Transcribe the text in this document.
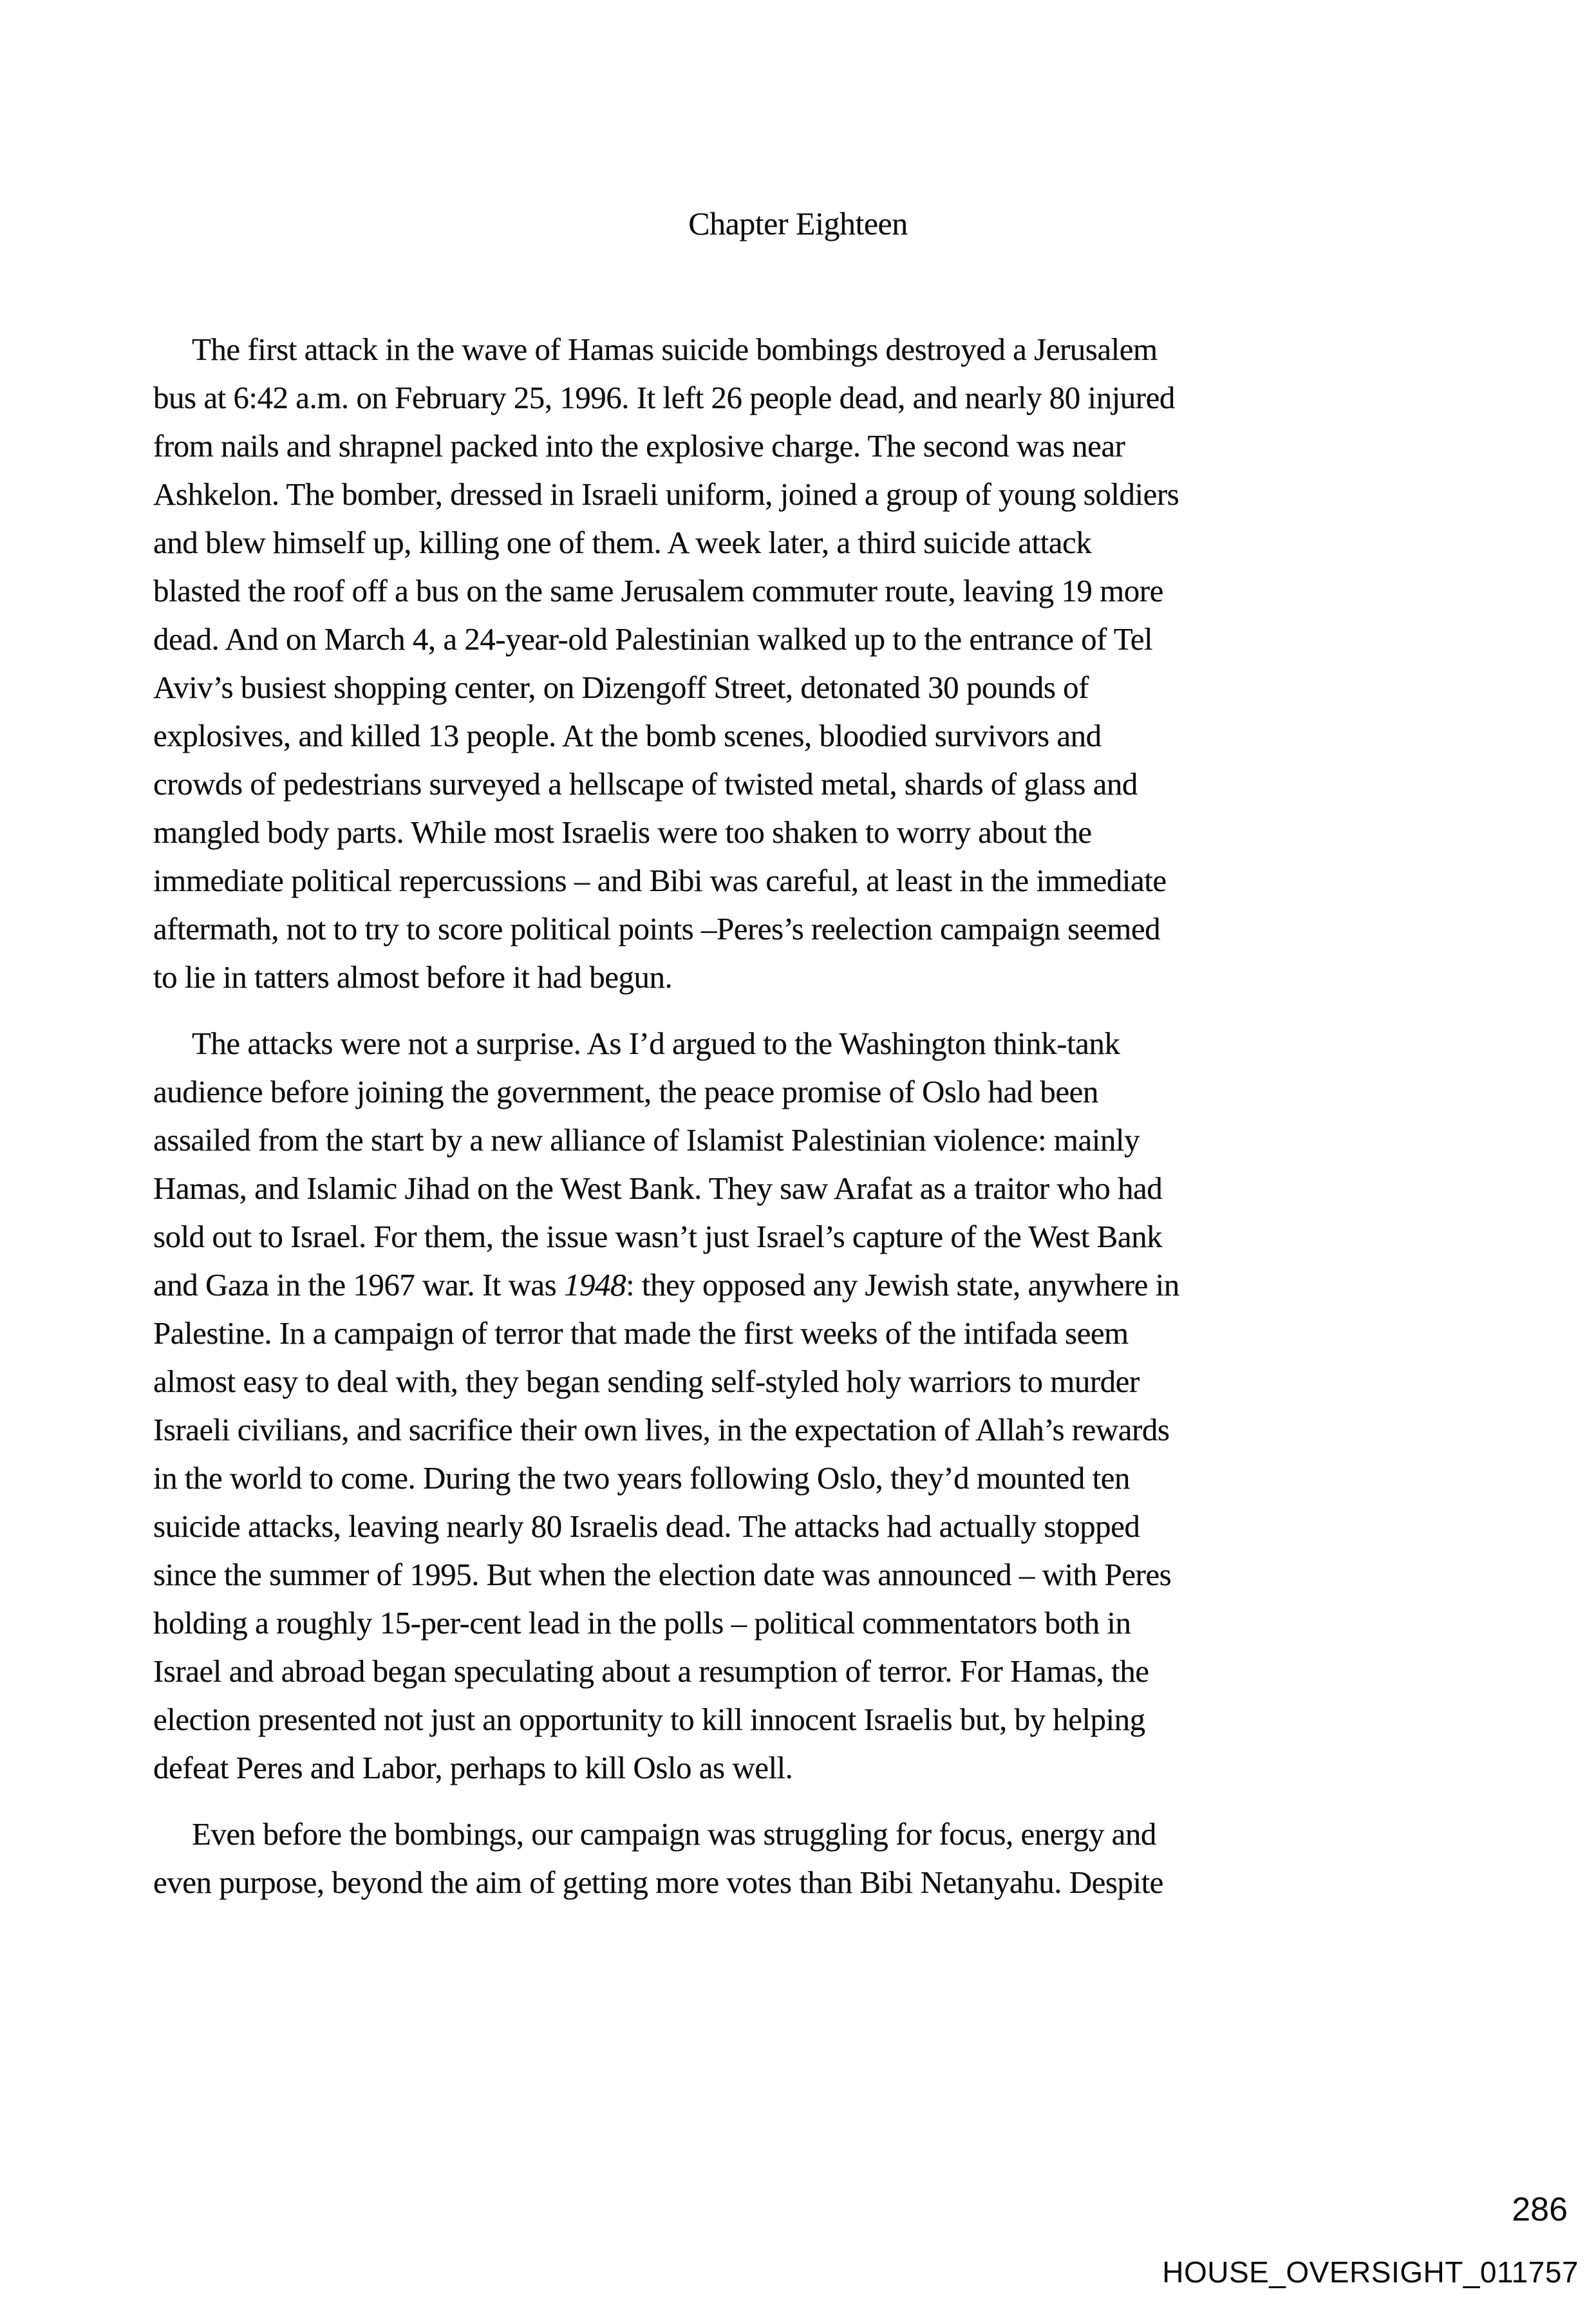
Chapter Eighteen
The first attack in the wave of Hamas suicide bombings destroyed a Jerusalem
bus at 6:42 a.m. on February 25, 1996. It left 26 people dead, and nearly 80 injured
from nails and shrapnel packed into the explosive charge. The second was near
Ashkelon. The bomber, dressed in Israeli uniform, joined a group of young soldiers
and blew himself up, killing one of them. A week later, a third suicide attack
blasted the roof off a bus on the same Jerusalem commuter route, leaving 19 more
dead. And on March 4, a 24-year-old Palestinian walked up to the entrance of Tel
Aviv’s busiest shopping center, on Dizengoff Street, detonated 30 pounds of
explosives, and killed 13 people. At the bomb scenes, bloodied survivors and
crowds of pedestrians surveyed a hellscape of twisted metal, shards of glass and
mangled body parts. While most Israelis were too shaken to worry about the
immediate political repercussions – and Bibi was careful, at least in the immediate
aftermath, not to try to score political points –Peres’s reelection campaign seemed
to lie in tatters almost before it had begun.
The attacks were not a surprise. As I’d argued to the Washington think-tank
audience before joining the government, the peace promise of Oslo had been
assailed from the start by a new alliance of Islamist Palestinian violence: mainly
Hamas, and Islamic Jihad on the West Bank. They saw Arafat as a traitor who had
sold out to Israel. For them, the issue wasn’t just Israel’s capture of the West Bank
and Gaza in the 1967 war. It was 1948: they opposed any Jewish state, anywhere in
Palestine. In a campaign of terror that made the first weeks of the intifada seem
almost easy to deal with, they began sending self-styled holy warriors to murder
Israeli civilians, and sacrifice their own lives, in the expectation of Allah’s rewards
in the world to come. During the two years following Oslo, they’d mounted ten
suicide attacks, leaving nearly 80 Israelis dead. The attacks had actually stopped
since the summer of 1995. But when the election date was announced – with Peres
holding a roughly 15-per-cent lead in the polls – political commentators both in
Israel and abroad began speculating about a resumption of terror. For Hamas, the
election presented not just an opportunity to kill innocent Israelis but, by helping
defeat Peres and Labor, perhaps to kill Oslo as well.
Even before the bombings, our campaign was struggling for focus, energy and
even purpose, beyond the aim of getting more votes than Bibi Netanyahu. Despite
286
HOUSE_OVERSIGHT_011757
